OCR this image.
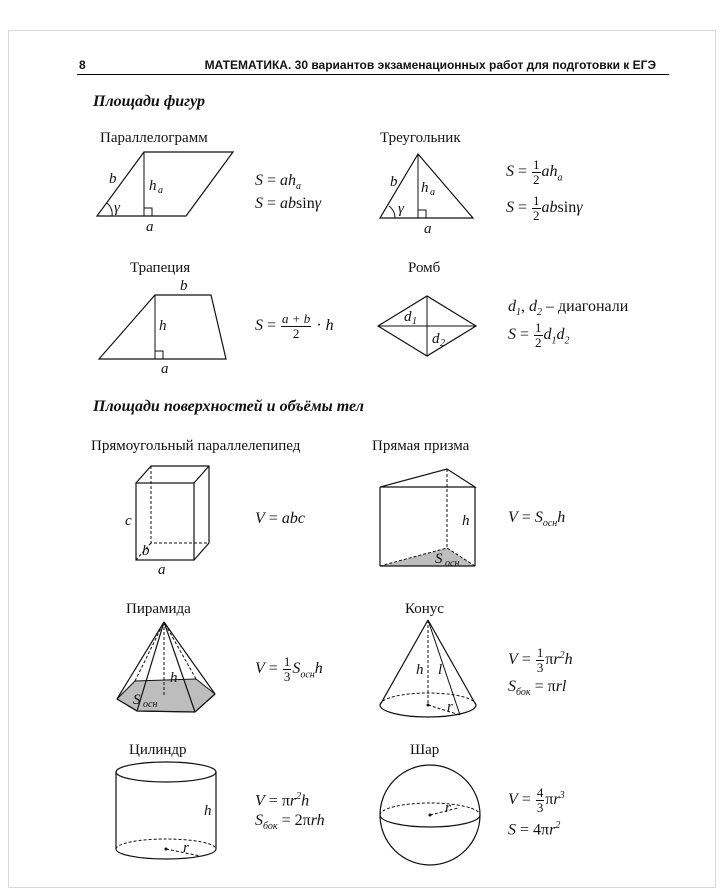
8	МАТЕМАТИКА. 30 вариантов экзаменационных работ для подготовки к ЕГЭ
Площади фигур
Параллелограмм
b h a
γ
a
$S = ah_a$
S = absinγ
Треугольник
b h a
γ
a
$S = \frac{1}{2} ah_a$
$S = \frac{1}{2}$ absinγ
Трапеция
b
h
a
$S = \frac{a + b}{2} \cdot h$
Ромб
d 1
d 2
$d_1$, $d_2$ – диагонали
$S = \frac{1}{2} d_1d_2$
Площади поверхностей и объёмы тел
Прямоугольный параллелепипед
c
b
a
V = abc
Прямая призма
h
S осн
$V = S_{осн}h$
Пирамида
h
S осн
$V = \frac{1}{3} S_{осн}h$
Конус
h l
r
$V = \frac{1}{3} \pi r^2h$
$S_{бок} = \pi rl$
Цилиндр
h
r
$V = \pi r^2h$
$S_{бок} = 2\pi rh$
Шар
r	$V = \frac{4}{3} \pi r^3$
$S = 4\pi r^2$
